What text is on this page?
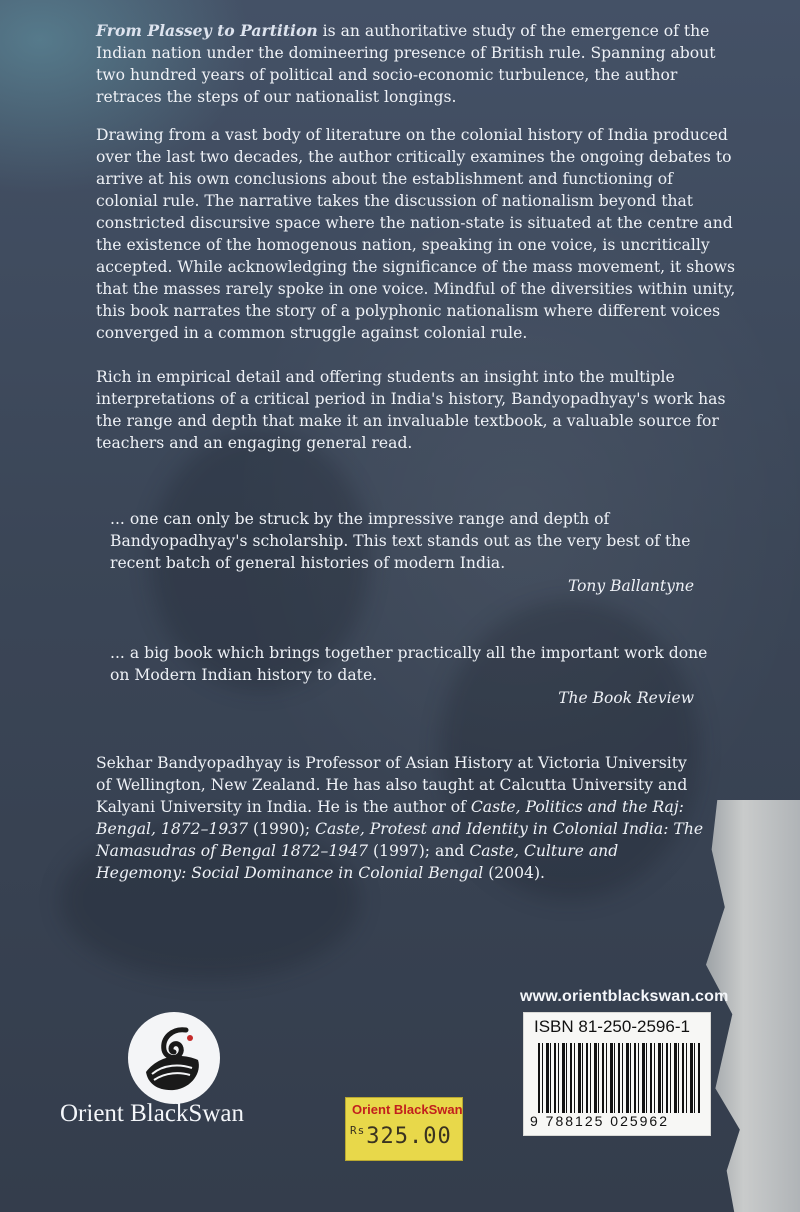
From Plassey to Partition is an authoritative study of the emergence of the Indian nation under the domineering presence of British rule. Spanning about two hundred years of political and socio-economic turbulence, the author retraces the steps of our nationalist longings.

Drawing from a vast body of literature on the colonial history of India produced over the last two decades, the author critically examines the ongoing debates to arrive at his own conclusions about the establishment and functioning of colonial rule. The narrative takes the discussion of nationalism beyond that constricted discursive space where the nation-state is situated at the centre and the existence of the homogenous nation, speaking in one voice, is uncritically accepted. While acknowledging the significance of the mass movement, it shows that the masses rarely spoke in one voice. Mindful of the diversities within unity, this book narrates the story of a polyphonic nationalism where different voices converged in a common struggle against colonial rule.

Rich in empirical detail and offering students an insight into the multiple interpretations of a critical period in India's history, Bandyopadhyay's work has the range and depth that make it an invaluable textbook, a valuable source for teachers and an engaging general read.

... one can only be struck by the impressive range and depth of Bandyopadhyay's scholarship. This text stands out as the very best of the recent batch of general histories of modern India.

Tony Ballantyne

... a big book which brings together practically all the important work done on Modern Indian history to date.

The Book Review

Sekhar Bandyopadhyay is Professor of Asian History at Victoria University of Wellington, New Zealand. He has also taught at Calcutta University and Kalyani University in India. He is the author of Caste, Politics and the Raj: Bengal, 1872–1937 (1990); Caste, Protest and Identity in Colonial India: The Namasudras of Bengal 1872–1947 (1997); and Caste, Culture and Hegemony: Social Dominance in Colonial Bengal (2004).

www.orientblackswan.com
ISBN 81-250-2596-1
9 788125 025962
Orient BlackSwan	Orient BlackSwan
Rs325.00
